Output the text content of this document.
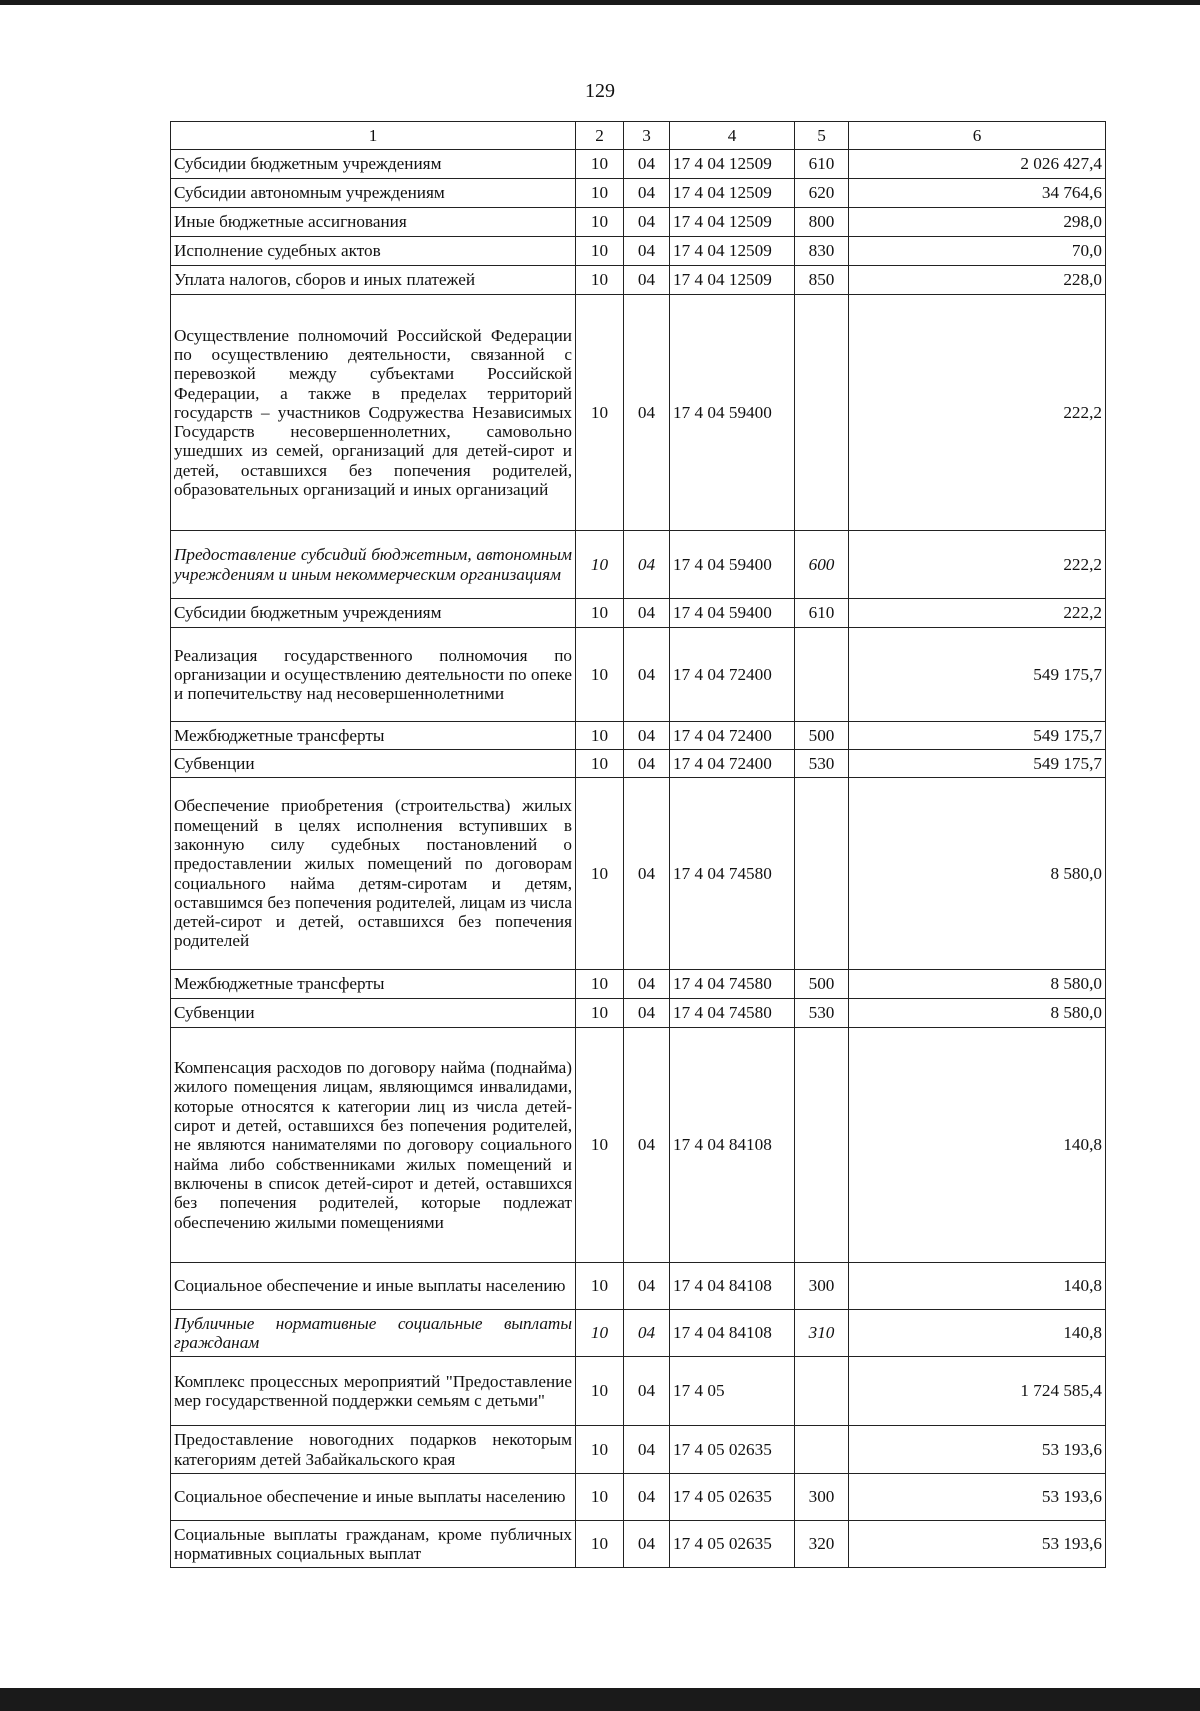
129
1	2	3	4	5	6
Субсидии бюджетным учреждениям	10	04	17 4 04 12509	610	2 026 427,4
Субсидии автономным учреждениям	10	04	17 4 04 12509	620	34 764,6
Иные бюджетные ассигнования	10	04	17 4 04 12509	800	298,0
Исполнение судебных актов	10	04	17 4 04 12509	830	70,0
Уплата налогов, сборов и иных платежей	10	04	17 4 04 12509	850	228,0
Осуществление полномочий Российской Федерации по осуществлению деятельности, связанной с перевозкой между субъектами Российской Федерации, а также в пределах территорий государств – участников Содружества Независимых Государств несовершеннолетних, самовольно ушедших из семей, организаций для детей-сирот и детей, оставшихся без попечения родителей, образовательных организаций и иных организаций	10	04	17 4 04 59400		222,2
Предоставление субсидий бюджетным, автономным учреждениям и иным некоммерческим организациям	10	04	17 4 04 59400	600	222,2
Субсидии бюджетным учреждениям	10	04	17 4 04 59400	610	222,2
Реализация государственного полномочия по организации и осуществлению деятельности по опеке и попечительству над несовершеннолетними	10	04	17 4 04 72400		549 175,7
Межбюджетные трансферты	10	04	17 4 04 72400	500	549 175,7
Субвенции	10	04	17 4 04 72400	530	549 175,7
Обеспечение приобретения (строительства) жилых помещений в целях исполнения вступивших в законную силу судебных постановлений о предоставлении жилых помещений по договорам социального найма детям-сиротам и детям, оставшимся без попечения родителей, лицам из числа детей-сирот и детей, оставшихся без попечения родителей	10	04	17 4 04 74580		8 580,0
Межбюджетные трансферты	10	04	17 4 04 74580	500	8 580,0
Субвенции	10	04	17 4 04 74580	530	8 580,0
Компенсация расходов по договору найма (поднайма) жилого помещения лицам, являющимся инвалидами, которые относятся к категории лиц из числа детей-сирот и детей, оставшихся без попечения родителей, не являются нанимателями по договору социального найма либо собственниками жилых помещений и включены в список детей-сирот и детей, оставшихся без попечения родителей, которые подлежат обеспечению жилыми помещениями	10	04	17 4 04 84108		140,8
Социальное обеспечение и иные выплаты населению	10	04	17 4 04 84108	300	140,8
Публичные нормативные социальные выплаты гражданам	10	04	17 4 04 84108	310	140,8
Комплекс процессных мероприятий "Предоставление мер государственной поддержки семьям с детьми"	10	04	17 4 05		1 724 585,4
Предоставление новогодних подарков некоторым категориям детей Забайкальского края	10	04	17 4 05 02635		53 193,6
Социальное обеспечение и иные выплаты населению	10	04	17 4 05 02635	300	53 193,6
Социальные выплаты гражданам, кроме публичных нормативных социальных выплат	10	04	17 4 05 02635	320	53 193,6
